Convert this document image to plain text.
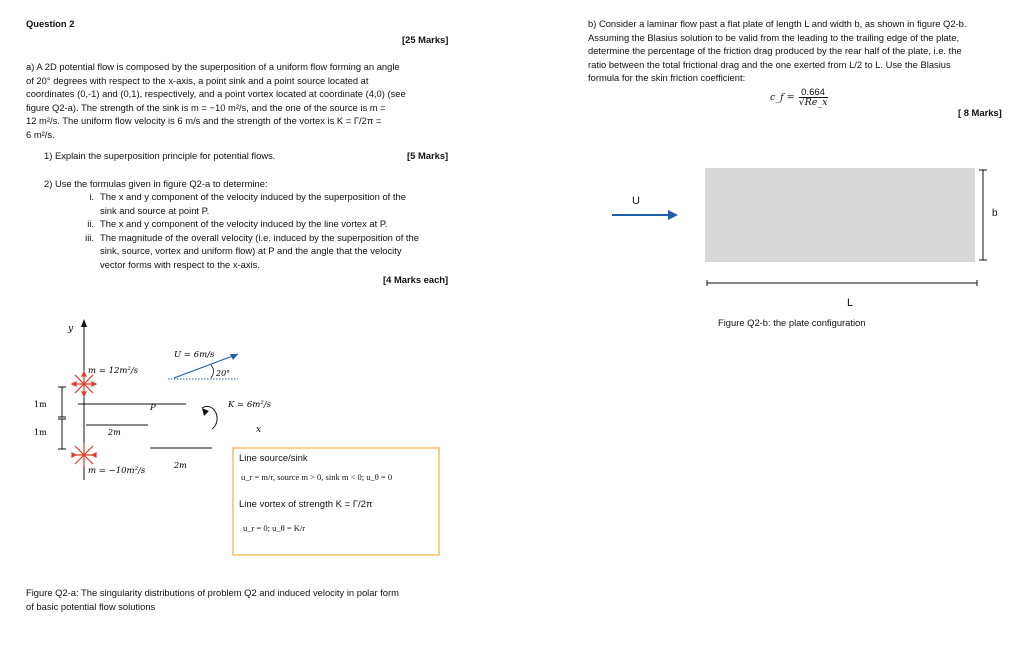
Question 2
[25 Marks]
a) A 2D potential flow is composed by the superposition of a uniform flow forming an angle
of 20° degrees with respect to the x-axis, a point sink and a point source located at
coordinates (0,-1) and (0,1), respectively, and a point vortex located at coordinate (4,0) (see
figure Q2-a). The strength of the sink is m = −10 m²/s, and the one of the source is m =
12 m²/s. The uniform flow velocity is 6 m/s and the strength of the vortex is K = Γ/2π =
6 m²/s.
1) Explain the superposition principle for potential flows.	[5 Marks]
2) Use the formulas given in figure Q2-a to determine:
i. The x and y component of the velocity induced by the superposition of the
sink and source at point P.
ii. The x and y component of the velocity induced by the line vortex at P.
iii. The magnitude of the overall velocity (i.e. induced by the superposition of the
sink, source, vortex and uniform flow) at P and the angle that the velocity
vector forms with respect to the x-axis.
[4 Marks each]
y
x
m = 12m²/s
m = −10m²/s
1m
1m	2m
P
2m
U = 6m/s
20°
K = 6m²/s
Line source/sink
u_r = m/r, source m > 0, sink m < 0; u_θ = 0
Line vortex of strength K = Γ/2π
u_r = 0; u_θ = K/r
Figure Q2-a: The singularity distributions of problem Q2 and induced velocity in polar form
of basic potential flow solutions
b) Consider a laminar flow past a flat plate of length L and width b, as shown in figure Q2-b.
Assuming the Blasius solution to be valid from the leading to the trailing edge of the plate,
determine the percentage of the friction drag produced by the rear half of the plate, i.e. the
ratio between the total frictional drag and the one exerted from L/2 to L. Use the Blasius
formula for the skin friction coefficient:
c_f = $\frac{0.664}{√Re\_x}$
[ 8 Marks]
U
b
L
Figure Q2-b: the plate configuration
